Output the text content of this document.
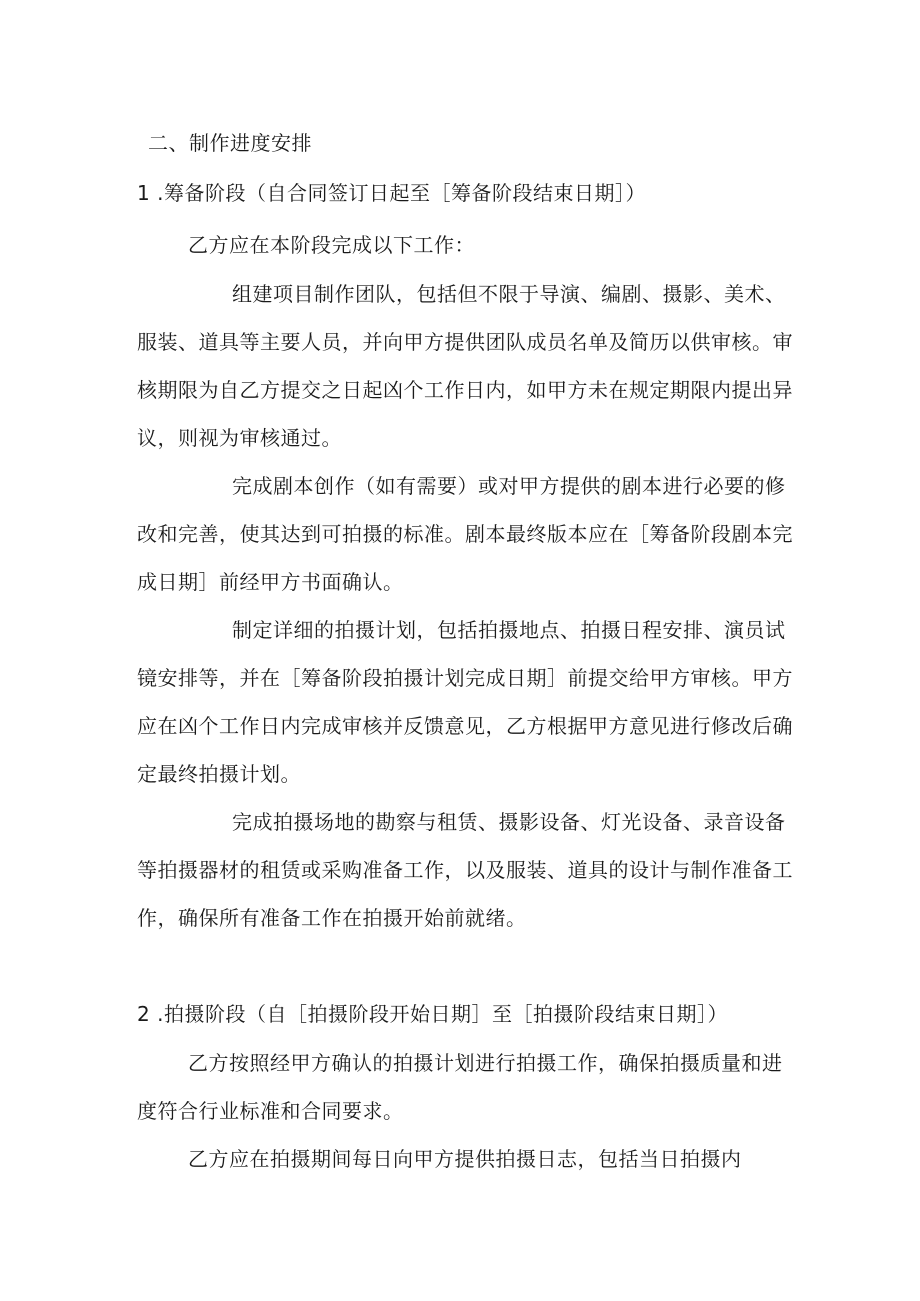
二、制作进度安排
1 .筹备阶段（自合同签订日起至［筹备阶段结束日期］）
乙方应在本阶段完成以下工作：
组建项目制作团队，包括但不限于导演、编剧、摄影、美术、
服装、道具等主要人员，并向甲方提供团队成员名单及简历以供审核。审
核期限为自乙方提交之日起凶个工作日内，如甲方未在规定期限内提出异
议，则视为审核通过。
完成剧本创作（如有需要）或对甲方提供的剧本进行必要的修
改和完善，使其达到可拍摄的标准。剧本最终版本应在［筹备阶段剧本完
成日期］前经甲方书面确认。
制定详细的拍摄计划，包括拍摄地点、拍摄日程安排、演员试
镜安排等，并在［筹备阶段拍摄计划完成日期］前提交给甲方审核。甲方
应在凶个工作日内完成审核并反馈意见，乙方根据甲方意见进行修改后确
定最终拍摄计划。
完成拍摄场地的勘察与租赁、摄影设备、灯光设备、录音设备
等拍摄器材的租赁或采购准备工作，以及服装、道具的设计与制作准备工
作，确保所有准备工作在拍摄开始前就绪。
2 .拍摄阶段（自［拍摄阶段开始日期］至［拍摄阶段结束日期］）
乙方按照经甲方确认的拍摄计划进行拍摄工作，确保拍摄质量和进
度符合行业标准和合同要求。
乙方应在拍摄期间每日向甲方提供拍摄日志，包括当日拍摄内
